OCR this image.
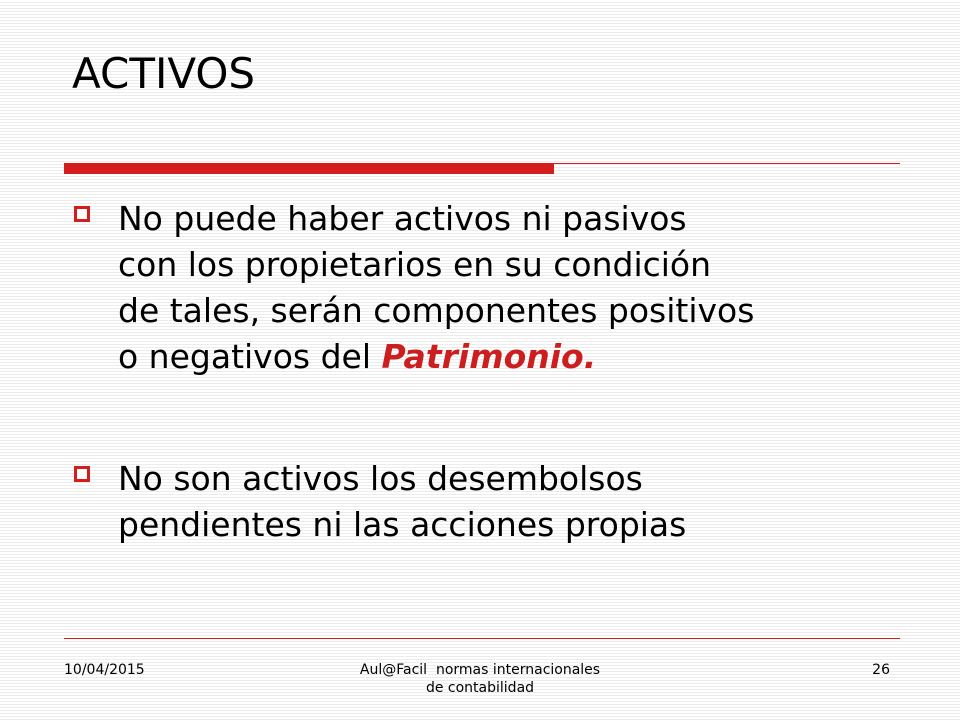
ACTIVOS
No puede haber activos ni pasivos
con los propietarios en su condición
de tales, serán componentes positivos
o negativos del Patrimonio.
No son activos los desembolsos
pendientes ni las acciones propias
10/04/2015	Aul@Facil  normas internacionales
de contabilidad
26
